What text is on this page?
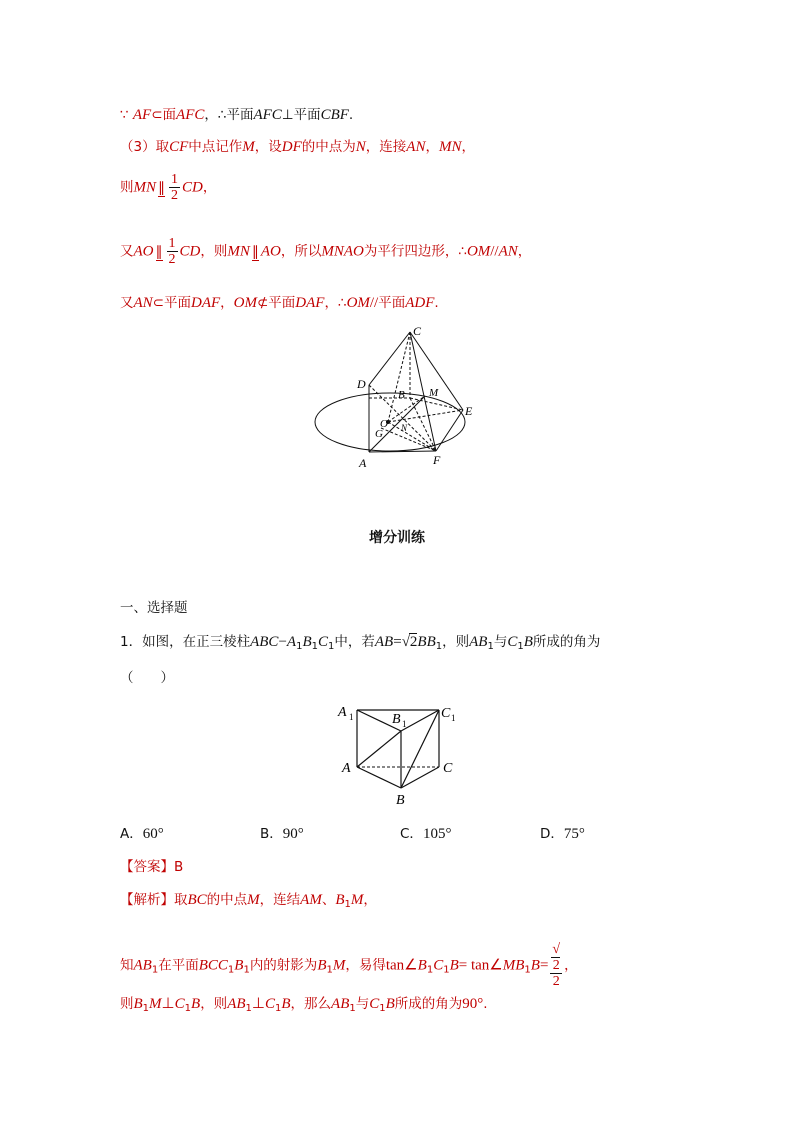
∵ AF⊂面AFC，∴平面AFC⊥平面CBF.
（3）取CF中点记作M，设DF的中点为N，连接AN，MN，
则MN ∥ $\frac{1}{2}$ CD，
又AO ∥ $\frac{1}{2}$ CD，则MN ∥ AO，所以MNAO为平行四边形，∴OM//AN，
又AN⊂平面DAF，OM⊄平面DAF，∴OM//平面ADF.
C
D
B M
E
O
G N
A	F
增分训练
一、选择题
1．如图，在正三棱柱$ABC-A_1B_1C_1$中，若$AB=√2BB_1$，则$AB_1$与$C_1B$所成的角为
（　　）
A 1	B 1
C 1
A	C
B
A．60°	B．90°	C．105°	D．75°
【答案】B
【解析】取BC的中点M，连结AM、$B_1M$，
知$AB_1$在平面$BCC_1B_1$内的射影为$B_1M$，易得$\tan\angle B_1C_1B=$ $\tan\angle MB_1B=$ √
2
2 ，
则$B_1M\perp C_1B$，则$AB_1\perp C_1B$，那么$AB_1$与$C_1B$所成的角为90°.
